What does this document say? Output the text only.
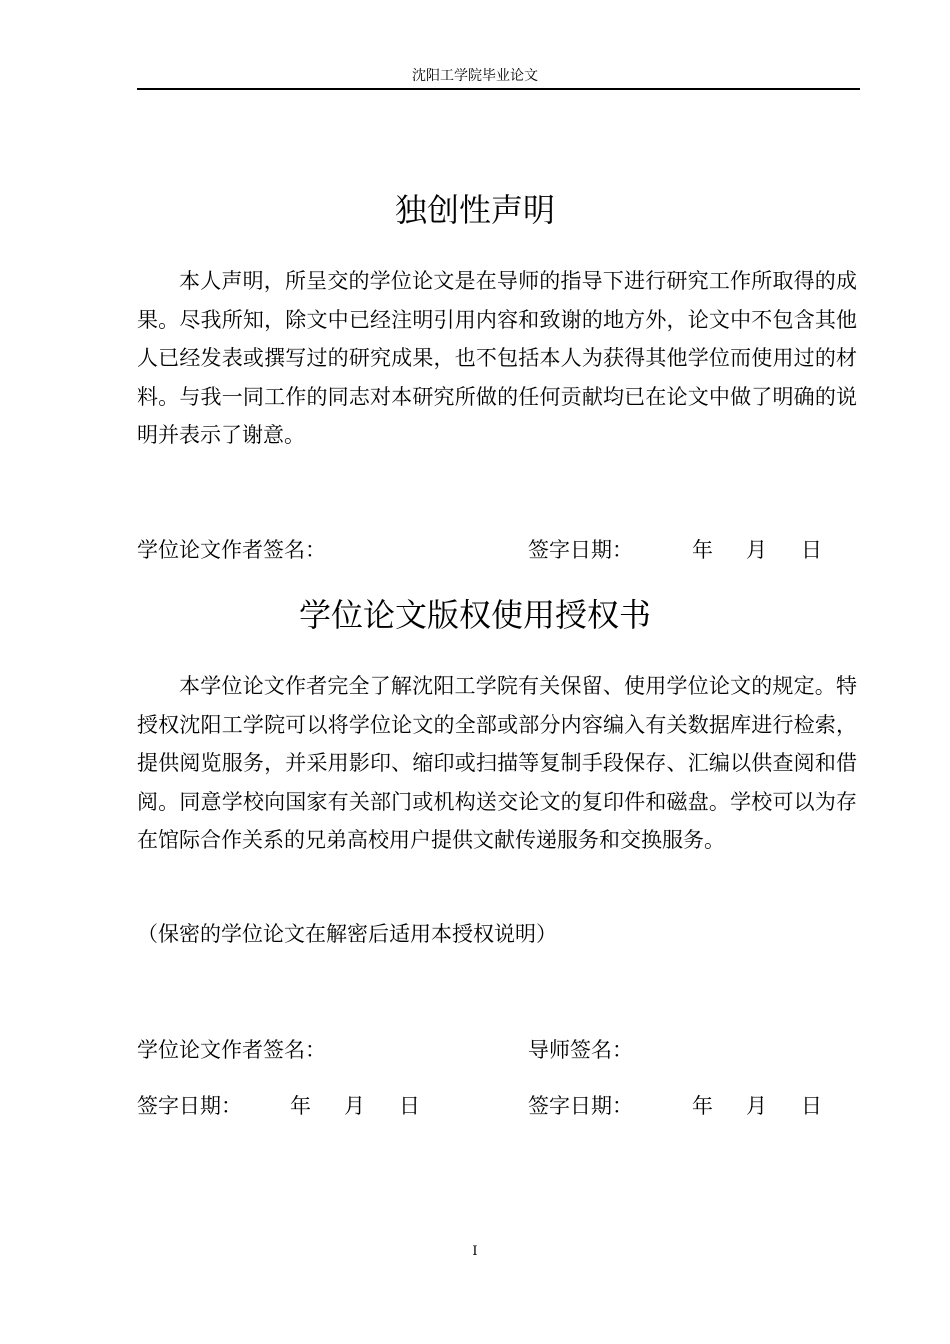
沈阳工学院毕业论文
独创性声明

本人声明，所呈交的学位论文是在导师的指导下进行研究工作所取得的成果。尽我所知，除文中已经注明引用内容和致谢的地方外，论文中不包含其他人已经发表或撰写过的研究成果，也不包括本人为获得其他学位而使用过的材料。与我一同工作的同志对本研究所做的任何贡献均已在论文中做了明确的说明并表示了谢意。

学位论文作者签名：	签字日期：	年 月 日
学位论文版权使用授权书

本学位论文作者完全了解沈阳工学院有关保留、使用学位论文的规定。特授权沈阳工学院可以将学位论文的全部或部分内容编入有关数据库进行检索，提供阅览服务，并采用影印、缩印或扫描等复制手段保存、汇编以供查阅和借阅。同意学校向国家有关部门或机构送交论文的复印件和磁盘。学校可以为存在馆际合作关系的兄弟高校用户提供文献传递服务和交换服务。

（保密的学位论文在解密后适用本授权说明）
学位论文作者签名：	导师签名：
签字日期： 年 月 日	签字日期：	年 月 日
I
